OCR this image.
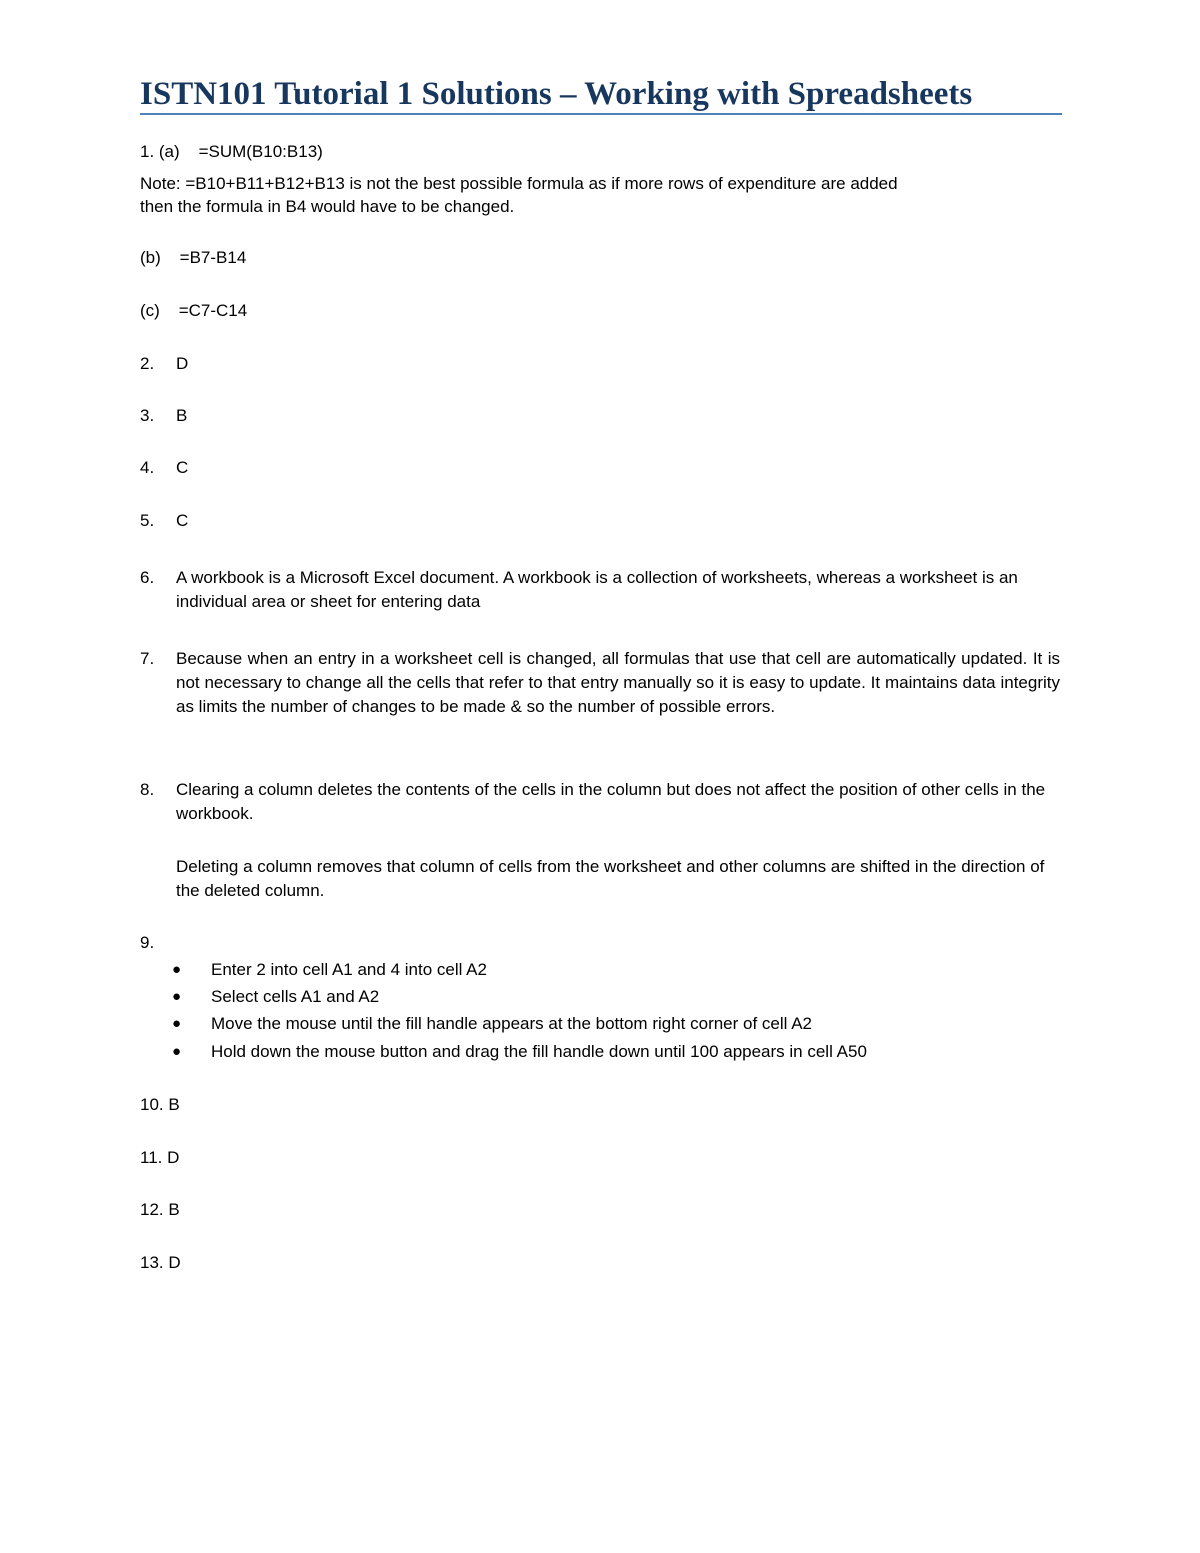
ISTN101 Tutorial 1 Solutions – Working with Spreadsheets
1. (a)    =SUM(B10:B13)
Note: =B10+B11+B12+B13 is not the best possible formula as if more rows of expenditure are added
then the formula in B4 would have to be changed.
(b)    =B7-B14
(c)    =C7-C14
2. D
3. B
4. C
5. C
6. A workbook is a Microsoft Excel document. A workbook is a collection of worksheets, whereas a worksheet is an individual area or sheet for entering data
7. Because when an entry in a worksheet cell is changed, all formulas that use that cell are automatically updated. It is not necessary to change all the cells that refer to that entry manually so it is easy to update. It maintains data integrity as limits the number of changes to be made & so the number of possible errors.
8. Clearing a column deletes the contents of the cells in the column but does not affect the position of other cells in the workbook.
Deleting a column removes that column of cells from the worksheet and other columns are shifted in the direction of the deleted column.
9.
● Enter 2 into cell A1 and 4 into cell A2
● Select cells A1 and A2
● Move the mouse until the fill handle appears at the bottom right corner of cell A2
● Hold down the mouse button and drag the fill handle down until 100 appears in cell A50
10. B
11. D
12. B
13. D
